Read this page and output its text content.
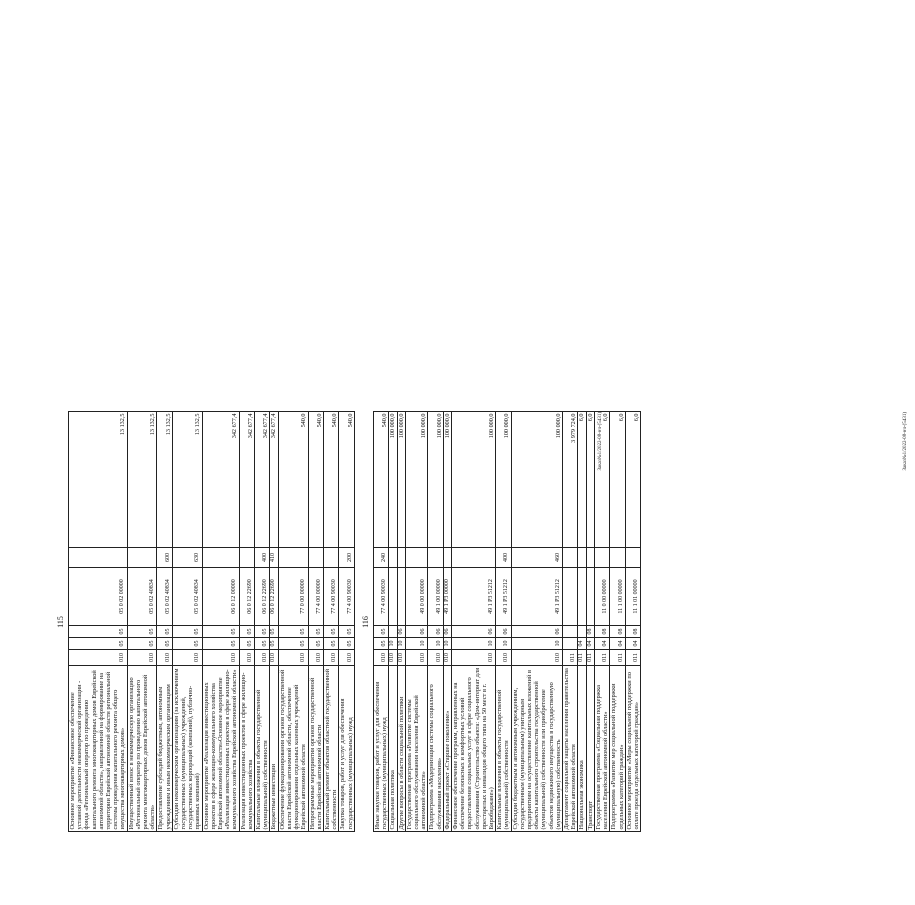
115
Основное мероприятие «Финансовое обеспечение уставной деятельности некоммерческой организации - фонда «Региональный оператор по проведению капитального ремонта многоквартирных домов Еврейской автономной области», направленной на формирование на территории Еврейской автономной области региональной системы проведения капитального ремонта общего имущества многоквартирных домов»	010	05	05	05 0 02 00000		13 132,5
Имущественный взнос в некоммерческую организацию «Региональный оператор по проведению капитального ремонта многоквартирных домов Еврейской автономной области»	010	05	05	05 0 02 40834		13 132,5
Предоставление субсидий бюджетным, автономным учреждениям и иным некоммерческим организациям	010	05	05	05 0 02 40834	600	13 132,5
Субсидии некоммерческим организациям (за исключением государственных (муниципальных) учреждений, государственных корпораций (компаний), публично-правовых компаний)	010	05	05	05 0 02 40834	630	13 132,5
Основное мероприятие «Реализация инвестиционных проектов в сфере жилищно-коммунального хозяйства Еврейской автономной области»Основное мероприятие «Реализация инвестиционных проектов в сфере жилищно-коммунального хозяйства Еврейской автономной области»	010	05	05	06 0 12 00000		342 677,4
Реализация инвестиционных проектов в сфере жилищно-коммунального хозяйства	010	05	05	06 0 12 22690		342 677,4
Капитальные вложения в объекты государственной (муниципальной) собственности	010	05	05	06 0 12 22690	400	342 677,4
Бюджетные инвестиции	010	05	05	06 0 12 22690	410	342 677,4
Обеспечение функционирования органов государственной власти Еврейской автономной области, обеспечение функционирования отдельных казенных учреждений Еврейской автономной области	010	05	05	77 0 00 00000		540,0
Непрограммные мероприятия органов государственной власти Еврейской автономной области	010	05	05	77 4 00 00000		540,0
Капитальный ремонт объектов областной государственной собственности	010	05	05	77 4 00 90030		540,0
Закупка товаров, работ и услуг для обеспечения государственных (муниципальных) нужд	010	05	05	77 4 00 90030	200	540,0	Заказ№1/2022-08-нч-(5431)
116
Иные закупки товаров, работ и услуг для обеспечения государственных (муниципальных) нужд	010	05	05	77 4 00 90030	240	540,0
Социальная политика	010	10				100 000,0
Другие вопросы в области социальной политики	010	10	06			100 000,0
Государственная программа «Развитие системы социального обслуживания населения Еврейской автономной области»	010	10	06	49 0 00 00000		100 000,0
Подпрограмма «Модернизация системы социального обслуживания населения»	010	10	06	49 1 00 00000		100 000,0
Федеральный проект «Старшее поколение»	010	10	06	49 1 P3 00000		100 000,0
Финансовое обеспечение программ, направленных на обеспечение безопасных и комфортных условий предоставления социальных услуг в сфере социального обслуживания (Строительство объекта: «Дом-интернат для престарелых и инвалидов общего типа на 50 мест в г. Биробиджане»)	010	10	06	49 1 P3 51212		100 000,0
Капитальные вложения в объекты государственной (муниципальной) собственности	010	10	06	49 1 P3 51212	400	100 000,0
Субсидии бюджетным и автономным учреждениям, государственным (муниципальным) унитарным предприятиям на осуществление капитальных вложений в объекты капитального строительства государственной (муниципальной) собственности или приобретение объектов недвижимого имущества в государственную (муниципальную) собственность	010	10	06	49 1 P3 51212	460	100 000,0
Департамент социальной защиты населения правительства Еврейской автономной области	011					3 979 724,0
Национальная экономика	011	04				6,0
Транспорт	011	04	08			6,0
Государственная программа «Социальная поддержка населения Еврейской автономной области»	011	04	08	11 0 00 00000		6,0
Подпрограмма «Развитие мер социальной поддержки отдельных категорий граждан»	011	04	08	11 1 00 00000		6,0
Основное мероприятие «Меры социальной поддержки по оплате проезда отдельных категорий граждан»	011	04	08	11 1 01 00000		6,0	Заказ№1/2022-08-нч-(5431)
